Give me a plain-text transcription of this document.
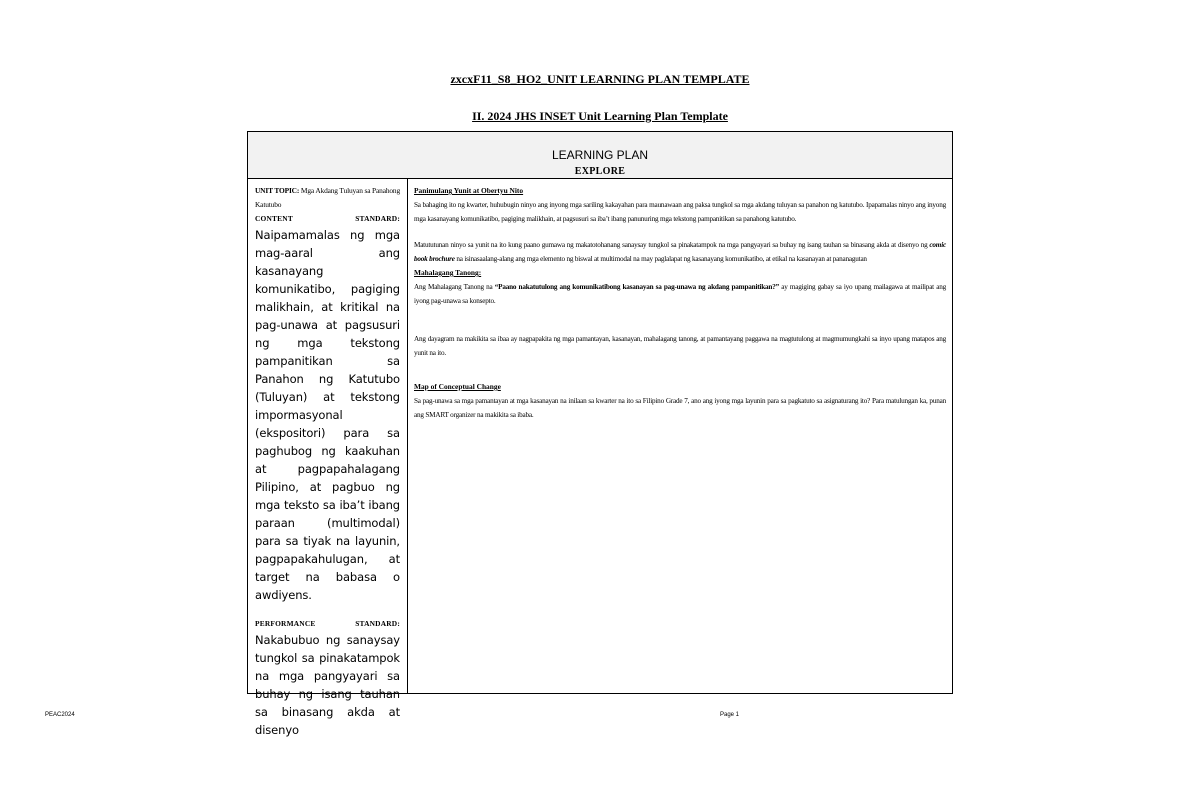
zxcxF11_S8_HO2_UNIT LEARNING PLAN TEMPLATE
II. 2024 JHS INSET Unit Learning Plan Template
LEARNING PLAN
EXPLORE
UNIT TOPIC: Mga Akdang Tuluyan sa Panahong Katutubo
CONTENT	STANDARD:

Naipamamalas ng mga mag-aaral ang kasanayang komunikatibo, pagiging malikhain, at kritikal na pag-unawa at pagsusuri ng mga tekstong pampanitikan sa Panahon ng Katutubo (Tuluyan) at tekstong impormasyonal (ekspositori) para sa paghubog ng kaakuhan at pagpapahalagang Pilipino, at pagbuo ng mga teksto sa iba’t ibang paraan (multimodal) para sa tiyak na layunin, pagpapakahulugan, at target na babasa o awdiyens.

PERFORMANCE	STANDARD:

Nakabubuo ng sanaysay tungkol sa pinakatampok na mga pangyayari sa buhay ng isang tauhan sa binasang akda at disenyo

Panimulang Yunit at Obertyu Nito

Sa bahaging ito ng kwarter, huhubugin ninyo ang inyong mga sariling kakayahan para maunawaan ang paksa tungkol sa mga akdang tuluyan sa panahon ng katutubo. Ipapamalas ninyo ang inyong mga kasanayang komunikatibo, pagiging malikhain, at pagsusuri sa iba’t ibang panunuring mga tekstong pampanitikan sa panahong katutubo.

Matututunan ninyo sa yunit na ito kung paano gumawa ng makatotohanang sanaysay tungkol sa pinakatampok na mga pangyayari sa buhay ng isang tauhan sa binasang akda at disenyo ng comic book brochure na isinasaalang-alang ang mga elemento ng biswal at multimodal na may paglalapat ng kasanayang komunikatibo, at etikal na kasanayan at pananagutan

Mahalagang Tanong:

Ang Mahalagang Tanong na “Paano nakatutulong ang komunikatibong kasanayan sa pag-unawa ng akdang pampanitikan?” ay magiging gabay sa iyo upang mailagawa at mailipat ang iyong pag-unawa sa konsepto.

Ang dayagram na makikita sa ibaa ay nagpapakita ng mga pamantayan, kasanayan, mahalagang tanong, at pamantayang paggawa na magtutulong at magmumungkahi sa inyo upang matapos ang yunit na ito.

Map of Conceptual Change

Sa pag-unawa sa mga pamantayan at mga kasanayan na inilaan sa kwarter na ito sa Filipino Grade 7, ano ang iyong mga layunin para sa pagkatuto sa asignaturang ito? Para matulungan ka, punan ang SMART organizer na makikita sa ibaba.

PEAC2024	Page 1
